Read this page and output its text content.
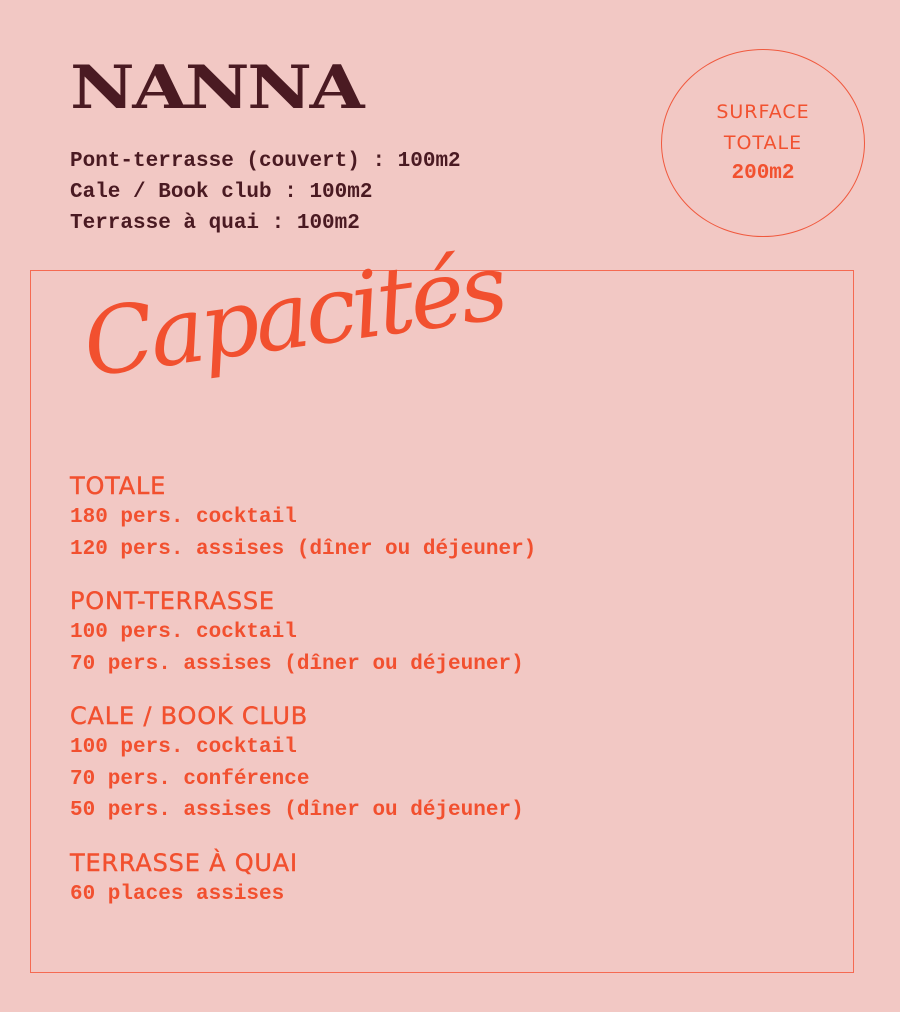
NANNA
Pont-terrasse (couvert) : 100m2
Cale / Book club : 100m2
Terrasse à quai : 100m2
SURFACE
TOTALE
200m2
Capacités
TOTALE
180 pers. cocktail
120 pers. assises (dîner ou déjeuner)
PONT-TERRASSE
100 pers. cocktail
70 pers. assises (dîner ou déjeuner)
CALE / BOOK CLUB
100 pers. cocktail
70 pers. conférence
50 pers. assises (dîner ou déjeuner)
TERRASSE À QUAI
60 places assises
